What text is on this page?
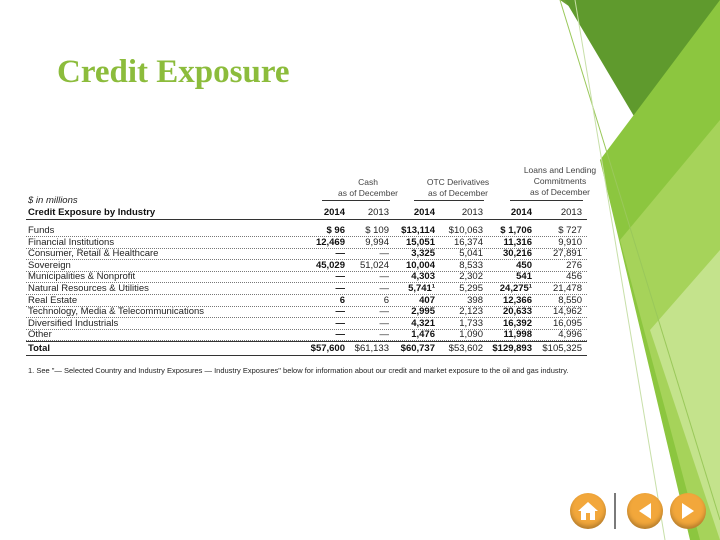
Credit Exposure
Cash
as of December
OTC Derivatives
as of December
Loans and Lending
Commitments
as of December
$ in millions
Credit Exposure by Industry	2014	2013	2014	2013	2014	2013
Funds	$ 96	$ 109	$13,114	$10,063	$ 1,706	$ 727
Financial Institutions	12,469	9,994	15,051	16,374	11,316	9,910
Consumer, Retail & Healthcare	—	—	3,325	5,041	30,216	27,891
Sovereign	45,029	51,024	10,004	8,533	450	276
Municipalities & Nonprofit	—	—	4,303	2,302	541	456
Natural Resources & Utilities	—	—	5,741¹	5,295	24,275¹	21,478
Real Estate	6	6	407	398	12,366	8,550
Technology, Media & Telecommunications	—	—	2,995	2,123	20,633	14,962
Diversified Industrials	—	—	4,321	1,733	16,392	16,095
Other	—	—	1,476	1,090	11,998	4,996
Total	$57,600	$61,133	$60,737	$53,602 $129,893	$105,325
1. See "— Selected Country and Industry Exposures — Industry Exposures" below for information about our credit and market exposure to the oil and gas industry.
